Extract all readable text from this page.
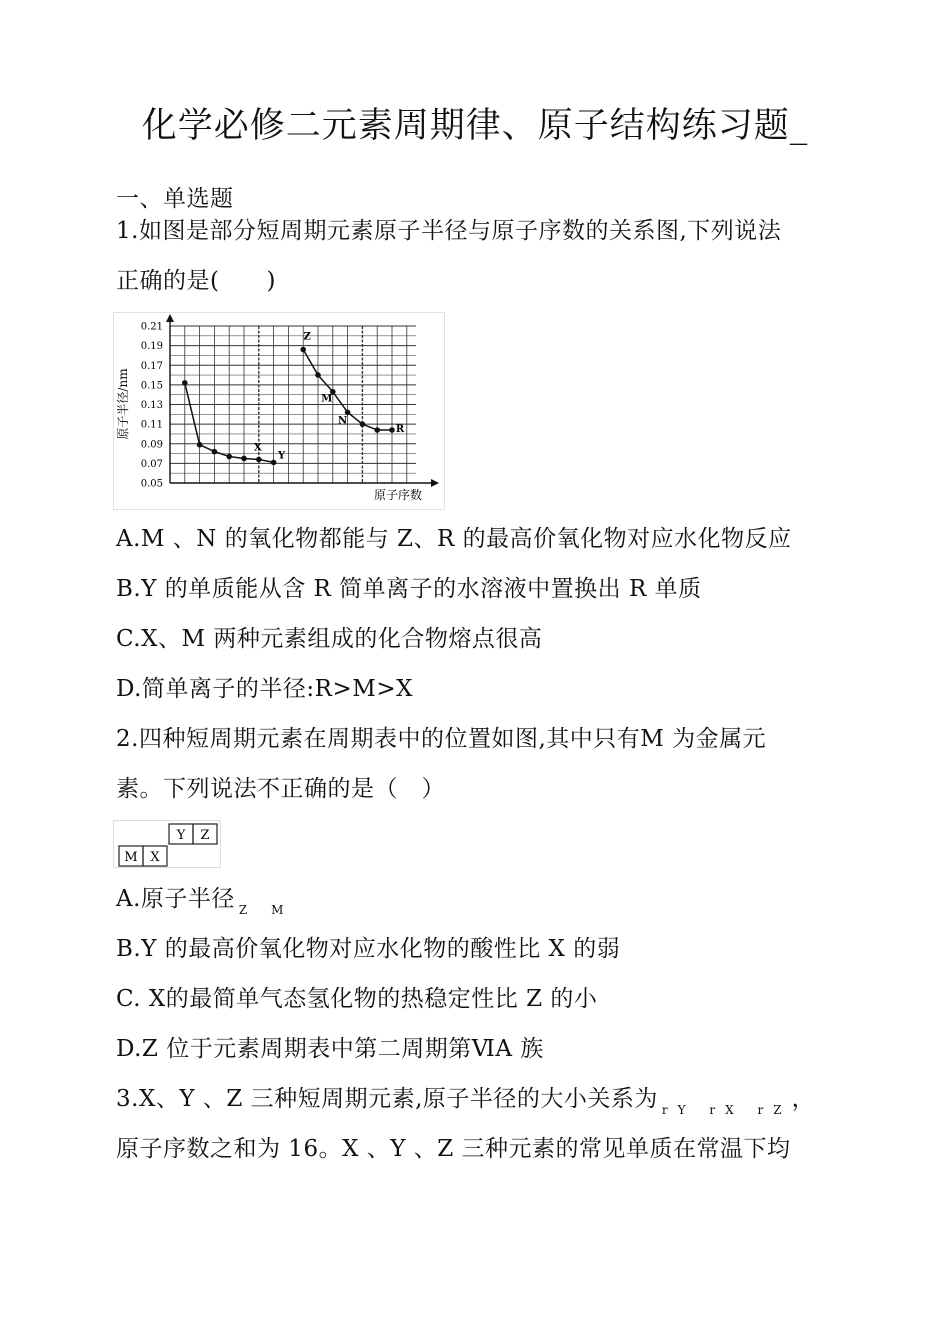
化学必修二元素周期律、原子结构练习题_
一、单选题
1.如图是部分短周期元素原子半径与原子序数的关系图,下列说法
正确的是(　　)
0.21
0.19
0.17
0.15
0.13
0.11
0.09
0.07
0.05
原子序数
原子半径/nm
X
Y
Z
M
N
R
A.M 、N 的氧化物都能与 Z、R 的最高价氧化物对应水化物反应
B.Y 的单质能从含 R 简单离子的水溶液中置换出 R 单质
C.X、M 两种元素组成的化合物熔点很高
D.简单离子的半径:R>M>X
2.四种短周期元素在周期表中的位置如图,其中只有M 为金属元
素。下列说法不正确的是（　）
Y Z
M X
A.原子半径 $_{Z M}$
B.Y 的最高价氧化物对应水化物的酸性比 X 的弱
C. X的最简单气态氢化物的热稳定性比 Z 的小
D.Z 位于元素周期表中第二周期第ⅥA 族
3.X、Y 、Z 三种短周期元素,原子半径的大小关系为 $_{rY rX rZ}$，
原子序数之和为 16。X 、Y 、Z 三种元素的常见单质在常温下均
